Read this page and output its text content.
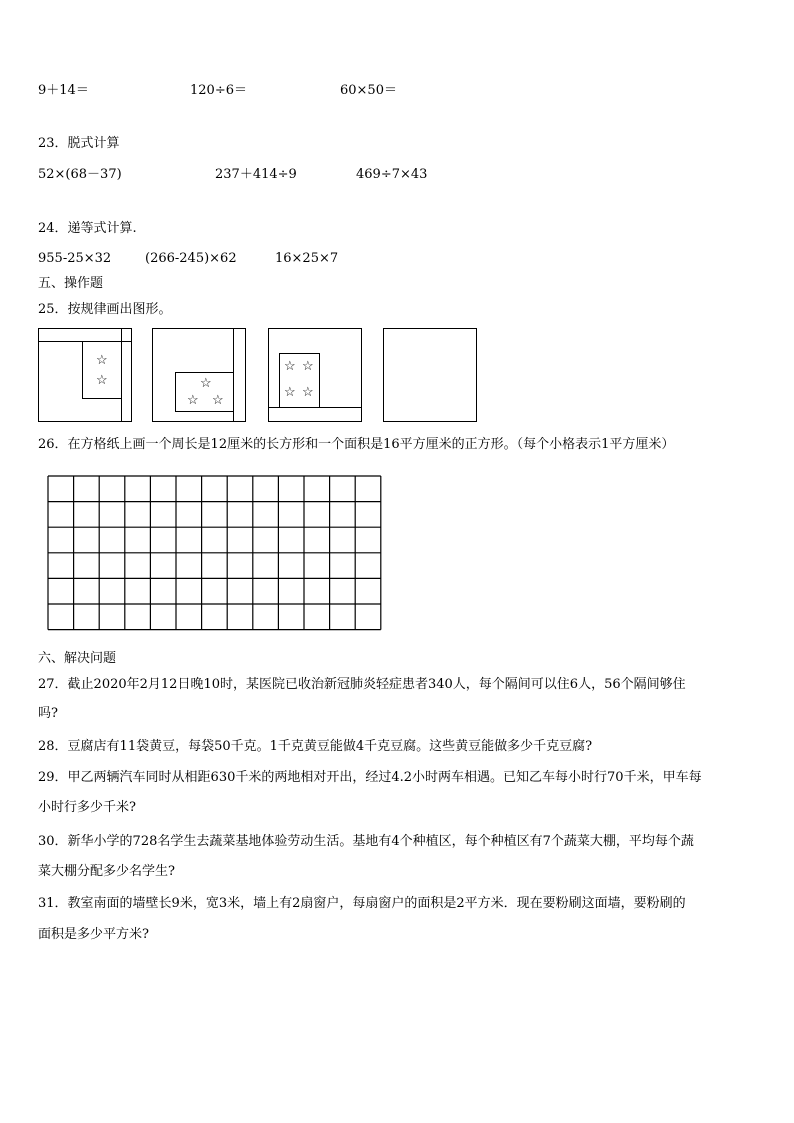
9＋14＝	120÷6＝	60×50＝
23．脱式计算
52×(68－37)	237＋414÷9	469÷7×43
24．递等式计算.
955-25×32	(266-245)×62	16×25×7
五、操作题
25．按规律画出图形。
☆
☆	☆
☆ ☆
☆ ☆
☆ ☆
26．在方格纸上画一个周长是12厘米的长方形和一个面积是16平方厘米的正方形。（每个小格表示1平方厘米）
六、解决问题
27．截止2020年2月12日晚10时，某医院已收治新冠肺炎轻症患者340人，每个隔间可以住6人，56个隔间够住
吗?
28．豆腐店有11袋黄豆，每袋50千克。1千克黄豆能做4千克豆腐。这些黄豆能做多少千克豆腐?
29．甲乙两辆汽车同时从相距630千米的两地相对开出，经过4.2小时两车相遇。已知乙车每小时行70千米，甲车每
小时行多少千米?
30．新华小学的728名学生去蔬菜基地体验劳动生活。基地有4个种植区，每个种植区有7个蔬菜大棚，平均每个蔬
菜大棚分配多少名学生?
31．教室南面的墙壁长9米，宽3米，墙上有2扇窗户，每扇窗户的面积是2平方米．现在要粉刷这面墙，要粉刷的
面积是多少平方米?
